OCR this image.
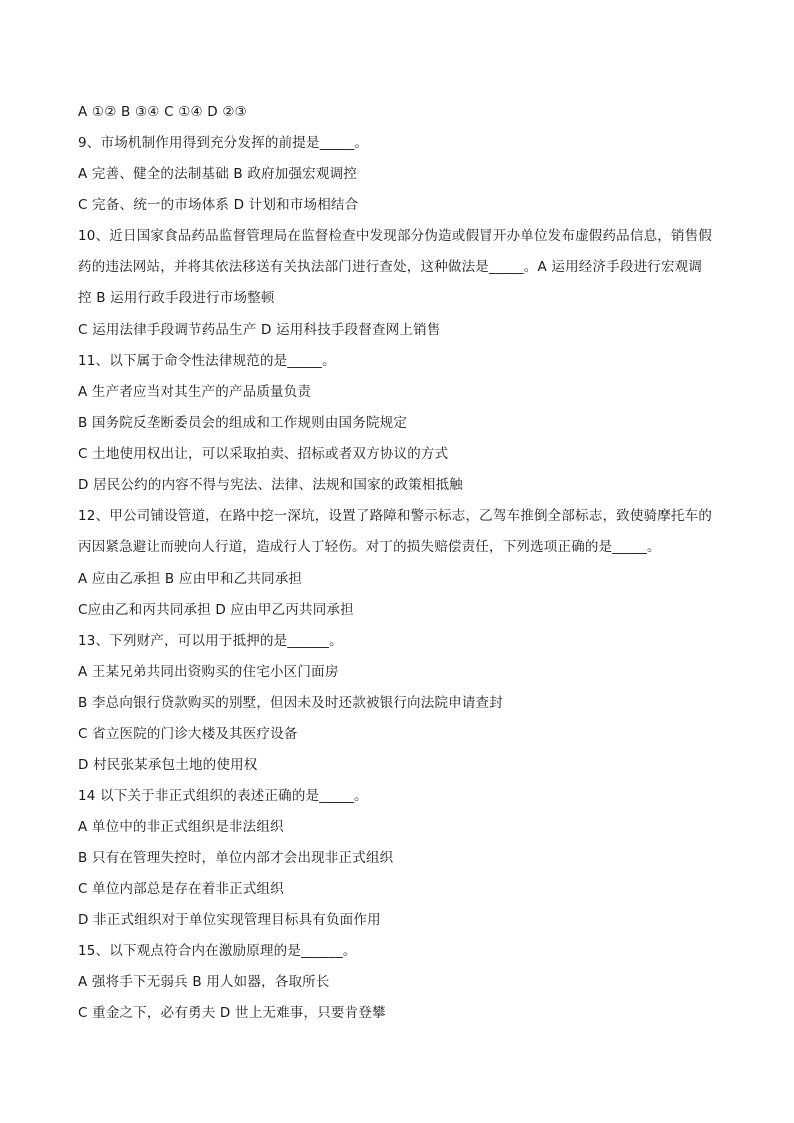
A ①② B ③④ C ①④ D ②③
9、市场机制作用得到充分发挥的前提是_____。
A 完善、健全的法制基础 B 政府加强宏观调控
C 完备、统一的市场体系 D 计划和市场相结合
10、近日国家食品药品监督管理局在监督检查中发现部分伪造或假冒开办单位发布虚假药品信息，销售假药的违法网站，并将其依法移送有关执法部门进行查处，这种做法是_____。A 运用经济手段进行宏观调控 B 运用行政手段进行市场整顿
C 运用法律手段调节药品生产 D 运用科技手段督查网上销售
11、以下属于命令性法律规范的是_____。
A 生产者应当对其生产的产品质量负责
B 国务院反垄断委员会的组成和工作规则由国务院规定
C 土地使用权出让，可以采取拍卖、招标或者双方协议的方式
D 居民公约的内容不得与宪法、法律、法规和国家的政策相抵触
12、甲公司铺设管道，在路中挖一深坑，设置了路障和警示标志，乙驾车推倒全部标志，致使骑摩托车的丙因紧急避让而驶向人行道，造成行人丁轻伤。对丁的损失赔偿责任，下列选项正确的是_____。
A 应由乙承担 B 应由甲和乙共同承担
C应由乙和丙共同承担 D 应由甲乙丙共同承担
13、下列财产，可以用于抵押的是______。
A 王某兄弟共同出资购买的住宅小区门面房
B 李总向银行贷款购买的别墅，但因未及时还款被银行向法院申请查封
C 省立医院的门诊大楼及其医疗设备
D 村民张某承包土地的使用权
14 以下关于非正式组织的表述正确的是_____。
A 单位中的非正式组织是非法组织
B 只有在管理失控时，单位内部才会出现非正式组织
C 单位内部总是存在着非正式组织
D 非正式组织对于单位实现管理目标具有负面作用
15、以下观点符合内在激励原理的是______。
A 强将手下无弱兵 B 用人如器，各取所长
C 重金之下，必有勇夫 D 世上无难事，只要肯登攀
